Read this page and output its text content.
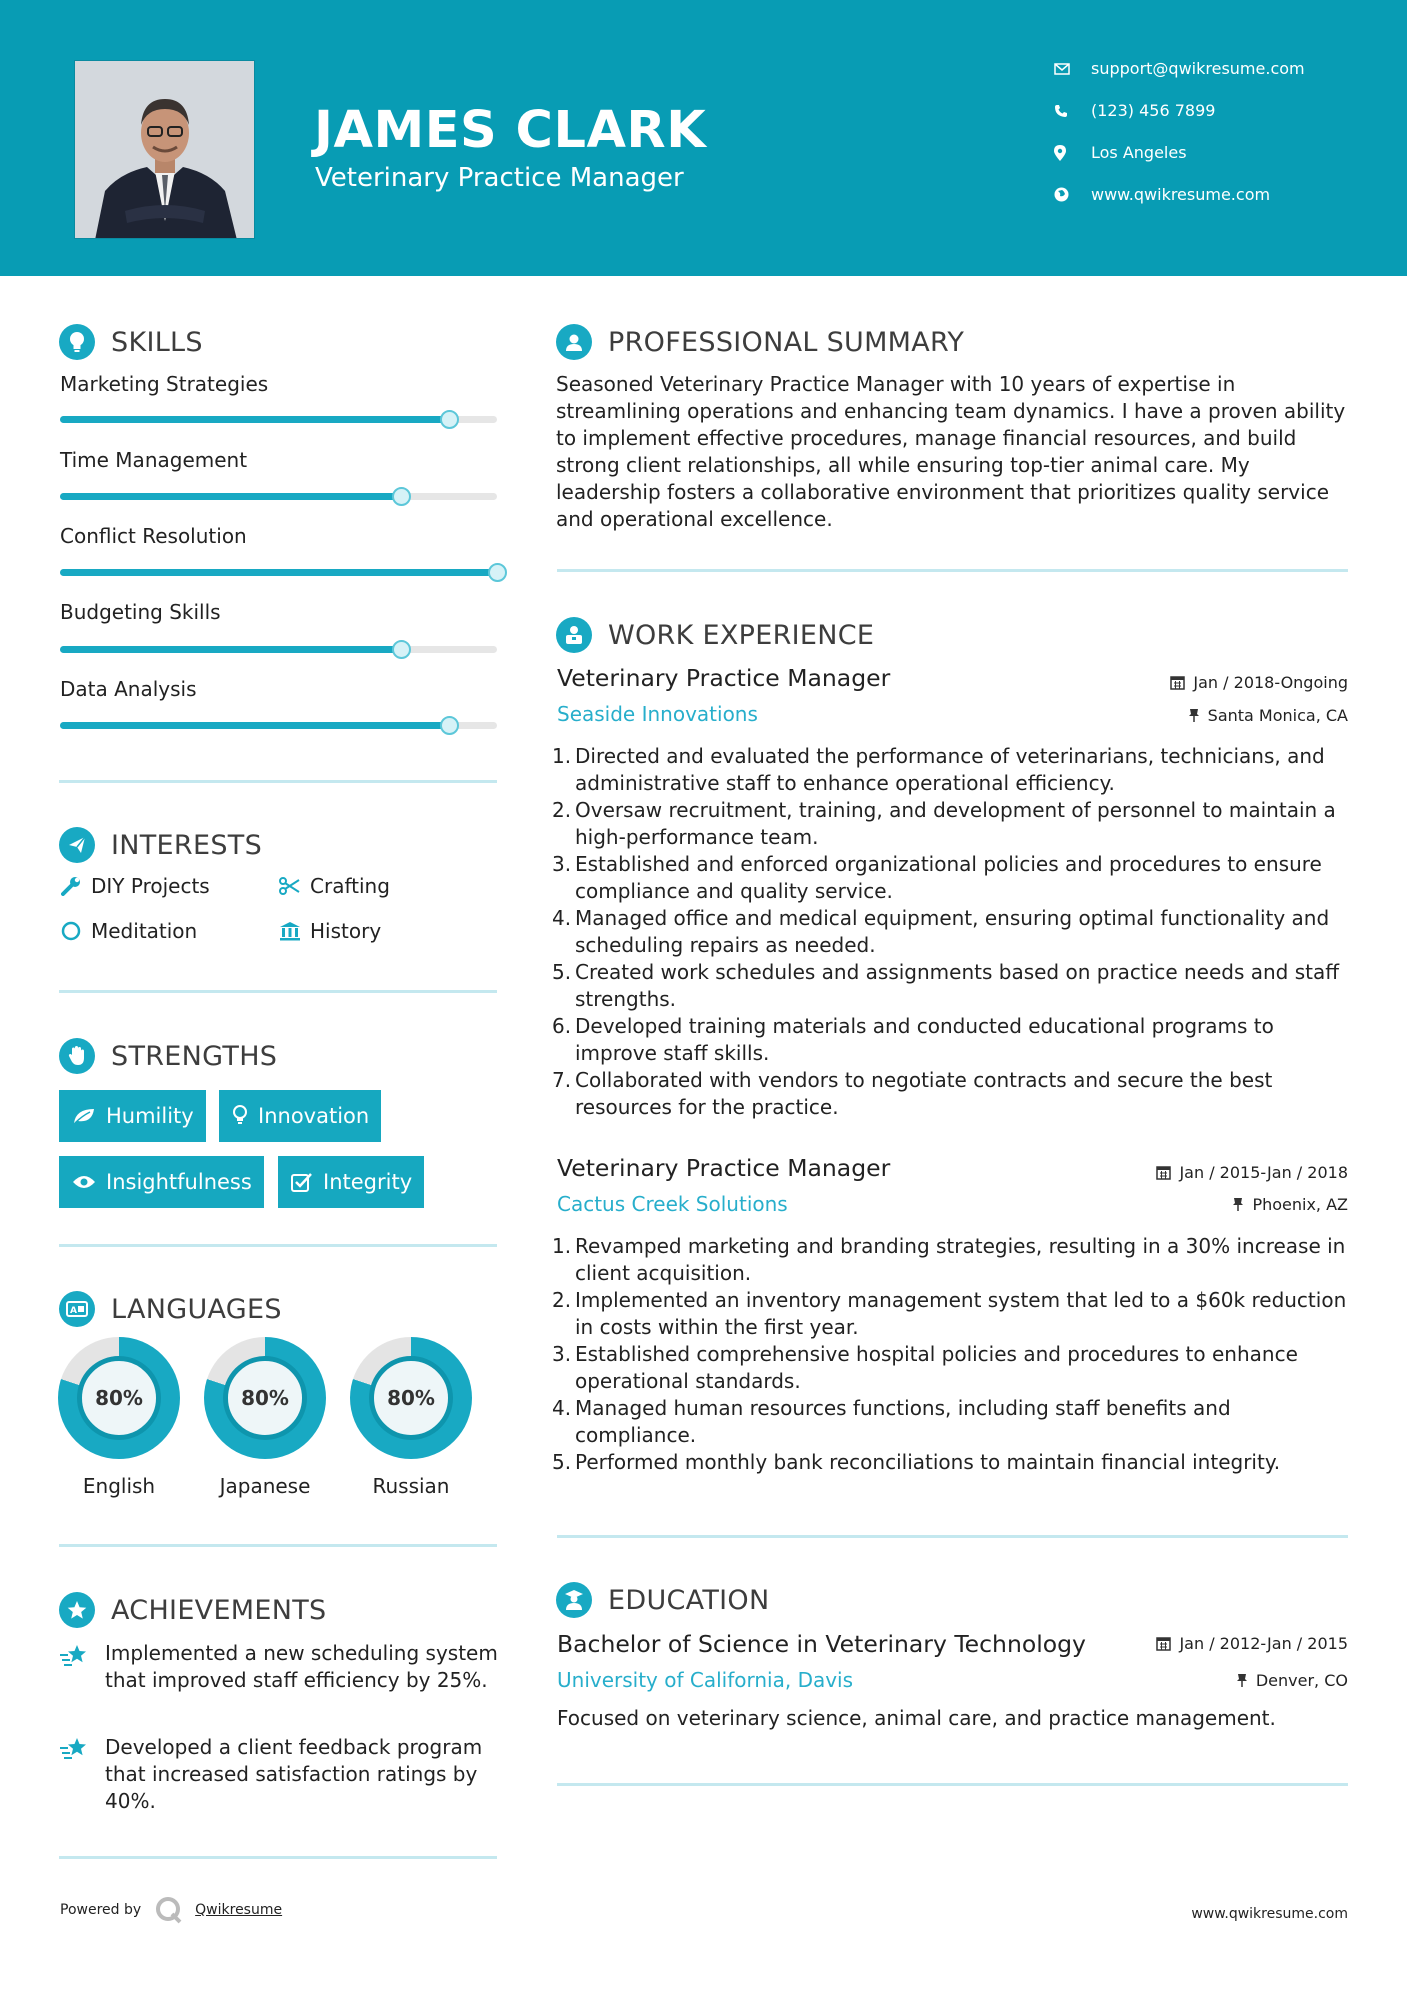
JAMES CLARK
Veterinary Practice Manager
support@qwikresume.com
(123) 456 7899
Los Angeles
www.qwikresume.com
SKILLS
Marketing Strategies
Time Management
Conflict Resolution
Budgeting Skills
Data Analysis
INTERESTS
DIY Projects	Crafting
Meditation	History
STRENGTHS
Humility	Innovation
Insightfulness	Integrity
A LANGUAGES
80%
English
80%
Japanese
80%
Russian
ACHIEVEMENTS
Implemented a new scheduling system that improved staff efficiency by 25%.
Developed a client feedback program that increased satisfaction ratings by 40%.
PROFESSIONAL SUMMARY
Seasoned Veterinary Practice Manager with 10 years of expertise in streamlining operations and enhancing team dynamics. I have a proven ability to implement effective procedures, manage financial resources, and build strong client relationships, all while ensuring top-tier animal care. My leadership fosters a collaborative environment that prioritizes quality service and operational excellence.
WORK EXPERIENCE
Veterinary Practice Manager	Jan / 2018-Ongoing
Seaside Innovations	Santa Monica, CA
1. Directed and evaluated the performance of veterinarians, technicians, and administrative staff to enhance operational efficiency.
2. Oversaw recruitment, training, and development of personnel to maintain a high-performance team.
3. Established and enforced organizational policies and procedures to ensure compliance and quality service.
4. Managed office and medical equipment, ensuring optimal functionality and scheduling repairs as needed.
5. Created work schedules and assignments based on practice needs and staff strengths.
6. Developed training materials and conducted educational programs to improve staff skills.
7. Collaborated with vendors to negotiate contracts and secure the best resources for the practice.
Veterinary Practice Manager	Jan / 2015-Jan / 2018
Cactus Creek Solutions	Phoenix, AZ
1. Revamped marketing and branding strategies, resulting in a 30% increase in client acquisition.
2. Implemented an inventory management system that led to a $60k reduction in costs within the first year.
3. Established comprehensive hospital policies and procedures to enhance operational standards.
4. Managed human resources functions, including staff benefits and compliance.
5. Performed monthly bank reconciliations to maintain financial integrity.
EDUCATION
Bachelor of Science in Veterinary Technology	Jan / 2012-Jan / 2015
University of California, Davis	Denver, CO
Focused on veterinary science, animal care, and practice management.
Powered by	Qwikresume	www.qwikresume.com
